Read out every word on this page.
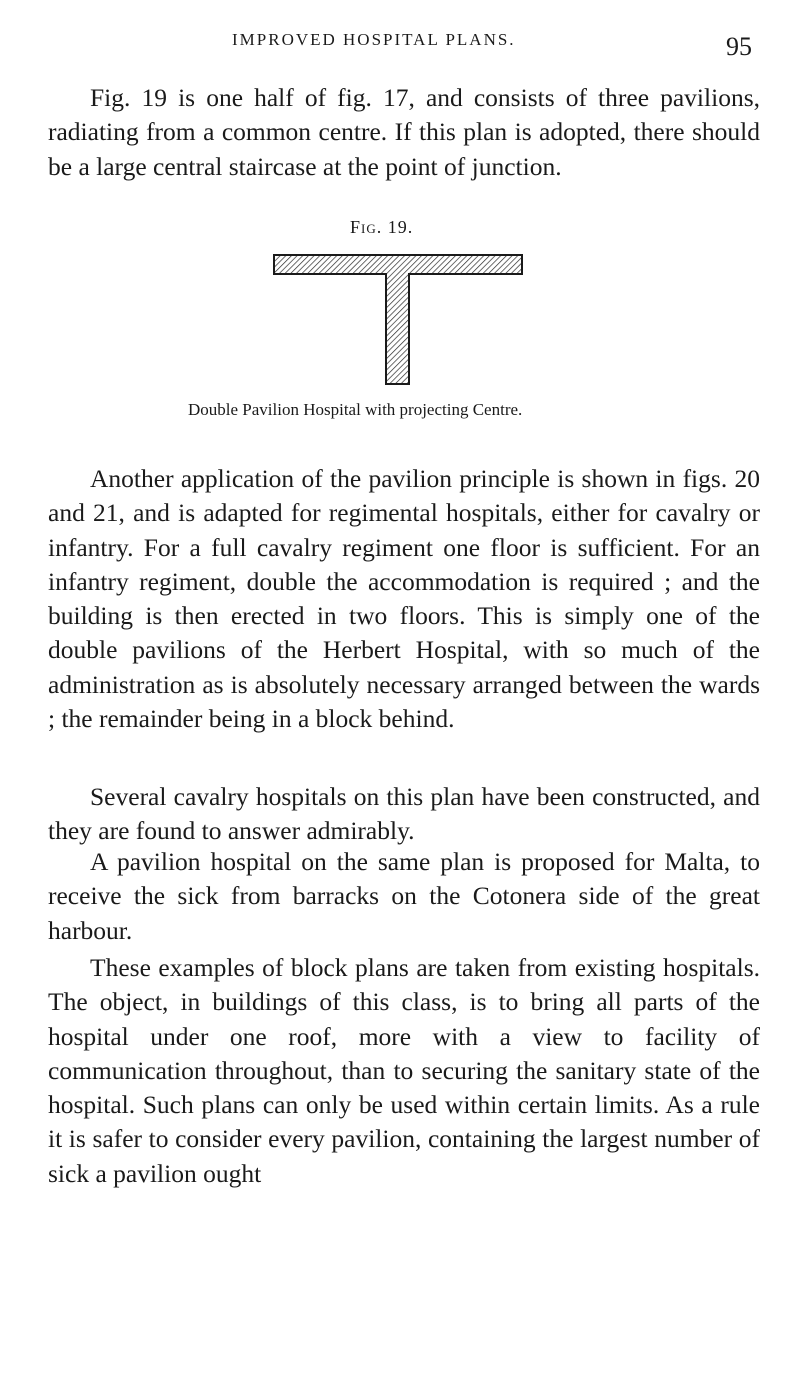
IMPROVED HOSPITAL PLANS.	95

Fig. 19 is one half of fig. 17, and consists of three pavilions, radiating from a common centre. If this plan is adopted, there should be a large central staircase at the point of junction.

Fig. 19.
Double Pavilion Hospital with projecting Centre.

Another application of the pavilion principle is shown in figs. 20 and 21, and is adapted for regimental hospitals, either for cavalry or infantry. For a full cavalry regiment one floor is sufficient. For an infantry regiment, double the accommodation is required ; and the building is then erected in two floors. This is simply one of the double pavilions of the Herbert Hospital, with so much of the administration as is absolutely necessary arranged between the wards ; the remainder being in a block behind.

Several cavalry hospitals on this plan have been constructed, and they are found to answer admirably.

A pavilion hospital on the same plan is proposed for Malta, to receive the sick from barracks on the Cotonera side of the great harbour.

These examples of block plans are taken from existing hospitals. The object, in buildings of this class, is to bring all parts of the hospital under one roof, more with a view to facility of communication throughout, than to securing the sanitary state of the hospital. Such plans can only be used within certain limits. As a rule it is safer to consider every pavilion, containing the largest number of sick a pavilion ought
